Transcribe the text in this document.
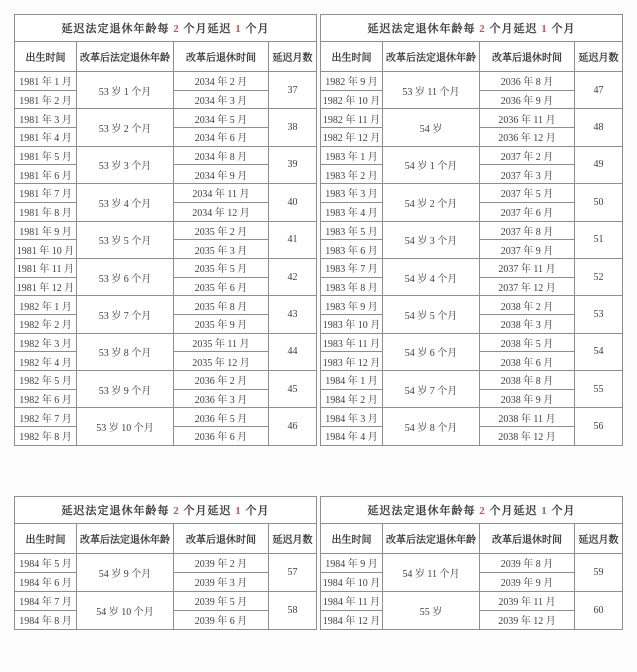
延迟法定退休年龄每 2 个月延迟 1 个月			
出生时间	改革后法定退休年龄	改革后退休时间	延迟月数
1981 年 1 月	53 岁 1 个月	2034 年 2 月	37
1981 年 2 月		2034 年 3 月	
1981 年 3 月	53 岁 2 个月	2034 年 5 月	38
1981 年 4 月		2034 年 6 月	
1981 年 5 月	53 岁 3 个月	2034 年 8 月	39
1981 年 6 月		2034 年 9 月	
1981 年 7 月	53 岁 4 个月	2034 年 11 月	40
1981 年 8 月		2034 年 12 月	
1981 年 9 月	53 岁 5 个月	2035 年 2 月	41
1981 年 10 月		2035 年 3 月	
1981 年 11 月	53 岁 6 个月	2035 年 5 月	42
1981 年 12 月		2035 年 6 月	
1982 年 1 月	53 岁 7 个月	2035 年 8 月	43
1982 年 2 月		2035 年 9 月	
1982 年 3 月	53 岁 8 个月	2035 年 11 月	44
1982 年 4 月		2035 年 12 月	
1982 年 5 月	53 岁 9 个月	2036 年 2 月	45
1982 年 6 月		2036 年 3 月	
1982 年 7 月	53 岁 10 个月	2036 年 5 月	46
1982 年 8 月		2036 年 6 月	
延迟法定退休年龄每 2 个月延迟 1 个月			
出生时间	改革后法定退休年龄	改革后退休时间	延迟月数
1982 年 9 月	53 岁 11 个月	2036 年 8 月	47
1982 年 10 月		2036 年 9 月	
1982 年 11 月	54 岁	2036 年 11 月	48
1982 年 12 月		2036 年 12 月	
1983 年 1 月	54 岁 1 个月	2037 年 2 月	49
1983 年 2 月		2037 年 3 月	
1983 年 3 月	54 岁 2 个月	2037 年 5 月	50
1983 年 4 月		2037 年 6 月	
1983 年 5 月	54 岁 3 个月	2037 年 8 月	51
1983 年 6 月		2037 年 9 月	
1983 年 7 月	54 岁 4 个月	2037 年 11 月	52
1983 年 8 月		2037 年 12 月	
1983 年 9 月	54 岁 5 个月	2038 年 2 月	53
1983 年 10 月		2038 年 3 月	
1983 年 11 月	54 岁 6 个月	2038 年 5 月	54
1983 年 12 月		2038 年 6 月	
1984 年 1 月	54 岁 7 个月	2038 年 8 月	55
1984 年 2 月		2038 年 9 月	
1984 年 3 月	54 岁 8 个月	2038 年 11 月	56
1984 年 4 月		2038 年 12 月	
延迟法定退休年龄每 2 个月延迟 1 个月			
出生时间	改革后法定退休年龄	改革后退休时间	延迟月数
1984 年 5 月	54 岁 9 个月	2039 年 2 月	57
1984 年 6 月		2039 年 3 月	
1984 年 7 月	54 岁 10 个月	2039 年 5 月	58
1984 年 8 月		2039 年 6 月	
延迟法定退休年龄每 2 个月延迟 1 个月			
出生时间	改革后法定退休年龄	改革后退休时间	延迟月数
1984 年 9 月	54 岁 11 个月	2039 年 8 月	59
1984 年 10 月		2039 年 9 月	
1984 年 11 月	55 岁	2039 年 11 月	60
1984 年 12 月		2039 年 12 月	
